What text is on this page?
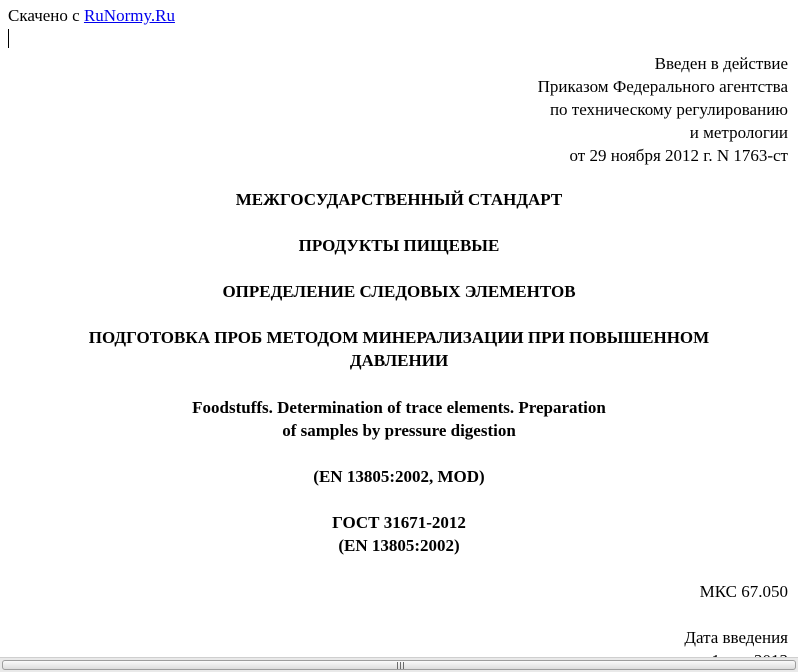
Скачено с RuNormy.Ru
Введен в действие
Приказом Федерального агентства
по техническому регулированию
и метрологии
от 29 ноября 2012 г. N 1763-ст
МЕЖГОСУДАРСТВЕННЫЙ СТАНДАРТ
ПРОДУКТЫ ПИЩЕВЫЕ
ОПРЕДЕЛЕНИЕ СЛЕДОВЫХ ЭЛЕМЕНТОВ
ПОДГОТОВКА ПРОБ МЕТОДОМ МИНЕРАЛИЗАЦИИ ПРИ ПОВЫШЕННОМ
ДАВЛЕНИИ
Foodstuffs. Determination of trace elements. Preparation
of samples by pressure digestion
(EN 13805:2002, MOD)
ГОСТ 31671-2012
(EN 13805:2002)
МКС 67.050
Дата введения
